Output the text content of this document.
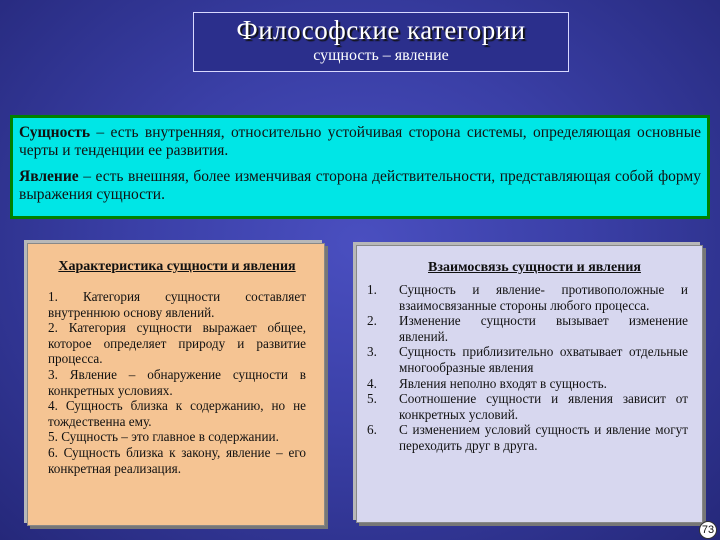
Философские категории
сущность – явление

Сущность – есть внутренняя, относительно устойчивая сторона системы, определяющая основные черты и тенденции ее развития.

Явление – есть внешняя, более изменчивая сторона действительности, представляющая собой форму выражения сущности.

Характеристика сущности и явления
1. Категория сущности составляет внутреннюю основу явлений.
2. Категория сущности выражает общее, которое определяет природу и развитие процесса.
3. Явление – обнаружение сущности в конкретных условиях.
4. Сущность близка к содержанию, но не тождественна ему.
5. Сущность – это главное в содержании.
6. Сущность близка к закону, явление – его конкретная реализация.
Взаимосвязь сущности и явления
1.	Сущность и явление- противоположные и взаимосвязанные стороны любого процесса.
2.	Изменение сущности вызывает изменение явлений.
3.	Сущность приблизительно охватывает отдельные многообразные явления
4.	Явления неполно входят в сущность.
5.	Соотношение сущности и явления зависит от конкретных условий.
6.	С изменением условий сущность и явление могут переходить друг в друга.
73
